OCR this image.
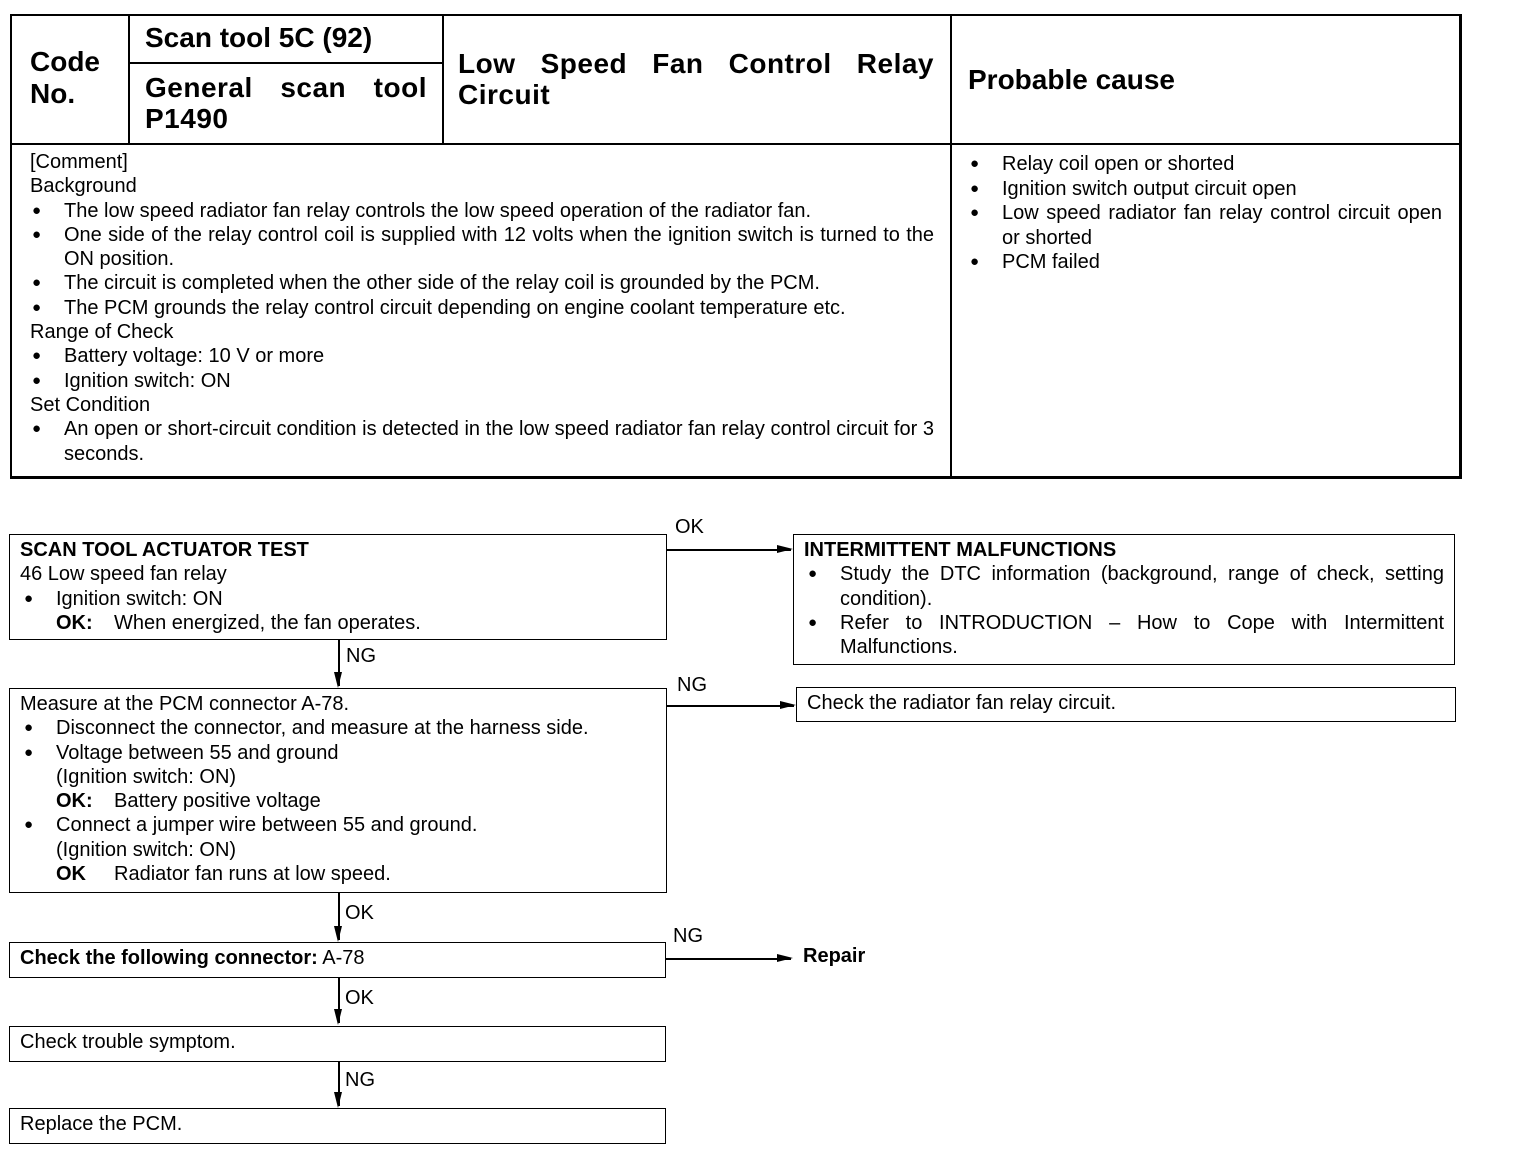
Code No.
Scan tool 5C (92)
General scan tool P1490
Low Speed Fan Control Relay Circuit	Probable cause
[Comment]
Background
● The low speed radiator fan relay controls the low speed operation of the radiator fan.
● One side of the relay control coil is supplied with 12 volts when the ignition switch is turned to the ON position.
● The circuit is completed when the other side of the relay coil is grounded by the PCM.
● The PCM grounds the relay control circuit depending on engine coolant temperature etc.
Range of Check
● Battery voltage: 10 V or more
● Ignition switch: ON
Set Condition
● An open or short-circuit condition is detected in the low speed radiator fan relay control circuit for 3 seconds.
● Relay coil open or shorted
● Ignition switch output circuit open
● Low speed radiator fan relay control circuit open or shorted
● PCM failed
SCAN TOOL ACTUATOR TEST
46 Low speed fan relay
● Ignition switch: ON
OK: When energized, the fan operates.
OK
INTERMITTENT MALFUNCTIONS
● Study the DTC information (background, range of check, setting condition).
● Refer to INTRODUCTION – How to Cope with Intermittent Malfunctions.
NG
Measure at the PCM connector A-78.
● Disconnect the connector, and measure at the harness side.
● Voltage between 55 and ground
(Ignition switch: ON)
OK: Battery positive voltage
● Connect a jumper wire between 55 and ground.
(Ignition switch: ON)
OK Radiator fan runs at low speed.
NG
Check the radiator fan relay circuit.
OK
Check the following connector: A-78
NG
Repair
OK
Check trouble symptom.
NG
Replace the PCM.
